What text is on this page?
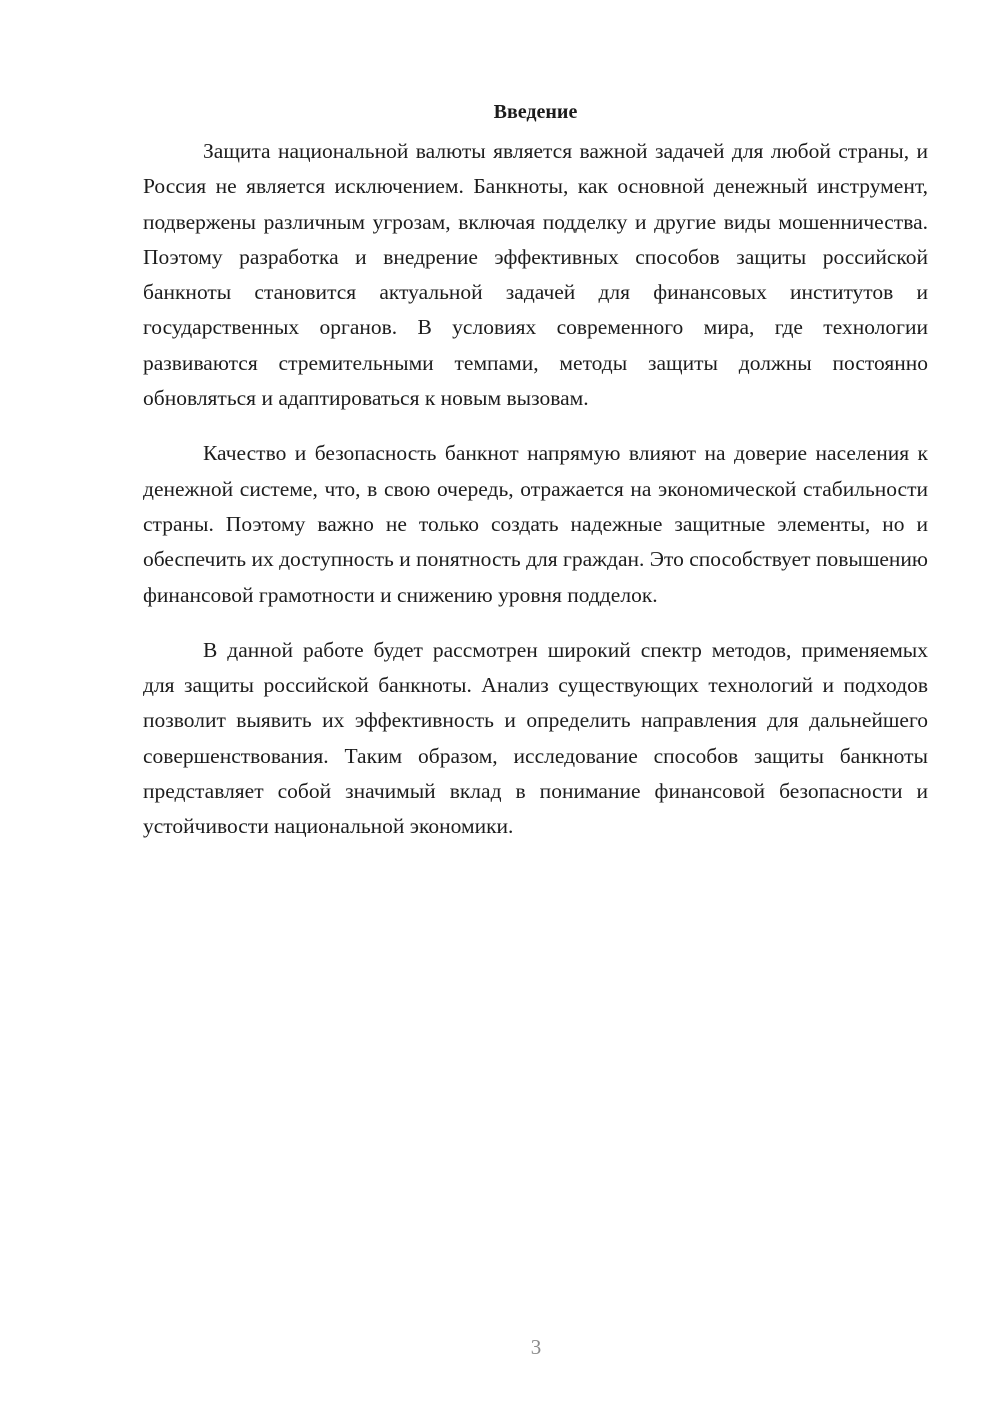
Введение

Защита национальной валюты является важной задачей для любой страны, и Россия не является исключением. Банкноты, как основной денежный инструмент, подвержены различным угрозам, включая подделку и другие виды мошенничества. Поэтому разработка и внедрение эффективных способов защиты российской банкноты становится актуальной задачей для финансовых институтов и государственных органов. В условиях современного мира, где технологии развиваются стремительными темпами, методы защиты должны постоянно обновляться и адаптироваться к новым вызовам.

Качество и безопасность банкнот напрямую влияют на доверие населения к денежной системе, что, в свою очередь, отражается на экономической стабильности страны. Поэтому важно не только создать надежные защитные элементы, но и обеспечить их доступность и понятность для граждан. Это способствует повышению финансовой грамотности и снижению уровня подделок.

В данной работе будет рассмотрен широкий спектр методов, применяемых для защиты российской банкноты. Анализ существующих технологий и подходов позволит выявить их эффективность и определить направления для дальнейшего совершенствования. Таким образом, исследование способов защиты банкноты представляет собой значимый вклад в понимание финансовой безопасности и устойчивости национальной экономики.

3
